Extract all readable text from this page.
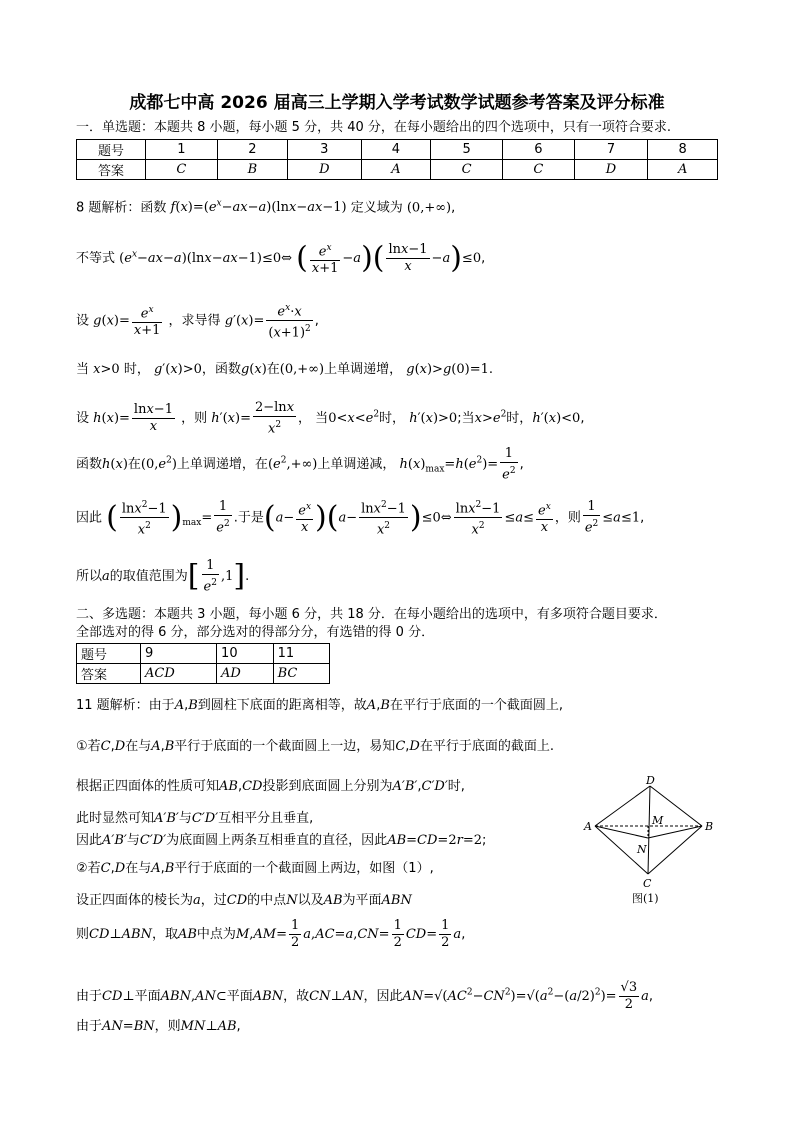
成都七中高 2026 届高三上学期入学考试数学试题参考答案及评分标准
一．单选题：本题共 8 小题，每小题 5 分，共 40 分，在每小题给出的四个选项中，只有一项符合要求.
题号	1	2	3	4	5	6	7	8
答案	C	B	D	A	C	C	D	A
8 题解析：函数 $f(x)=(e^x-ax-a)(\ln x-ax-1)$ 定义域为 (0,+∞),
不等式 $(e^x-ax-a)(\ln x-ax-1)\le 0\Leftrightarrow$ ( $\frac{e^x}{x+1} -a)( \frac{\ln x-1}{x} -a)\le 0$,
设 $g(x)= \frac{e^x}{x+1}$ ，求导得 $g'(x)= \frac{e^x\cdot x}{(x+1)^2}$ ,
当 x>0 时， g′(x)>0，函数g(x)在(0,+∞)上单调递增， g(x)>g(0)=1.
设 $h(x)= \frac{\ln x-1}{x}$ ，则 $h'(x)= \frac{2-\ln x}{x^2}$ ， 当$0<x<e^2$时， h′(x)>0;当$x>e^2$时，h′(x)<0,
函数h(x)在$(0,e^2)$上单调递增，在$(e^2,+\infty)$上单调递减， $h(x)_{max}=h(e^2)= \frac{1}{e^2}$ ,
因此 ( $\frac{\ln x^2-1}{x^2} )_{max}= \frac{1}{e^2}$ .于是$(a- \frac{e^x}{x} )(a- \frac{\ln x^2-1}{x^2}$ )≤0⇔ $\frac{\ln x^2-1}{x^2} \le a\le \frac{e^x}{x}$ ，则 $\frac{1}{e^2} \le a\le 1$,
所以a的取值范围为[ $\frac{1}{e^2} ,1$].
二、多选题：本题共 3 小题，每小题 6 分，共 18 分．在每小题给出的选项中，有多项符合题目要求．
全部选对的得 6 分，部分选对的得部分分，有选错的得 0 分．
题号	9	10	11
答案	ACD	AD	BC
11 题解析：由于A,B到圆柱下底面的距离相等，故A,B在平行于底面的一个截面圆上,
①若C,D在与A,B平行于底面的一个截面圆上一边，易知C,D在平行于底面的截面上.
根据正四面体的性质可知AB,CD投影到底面圆上分别为A′B′,C′D′时,
此时显然可知A′B′与C′D′互相平分且垂直,
因此A′B′与C′D′为底面圆上两条互相垂直的直径，因此AB=CD=2r=2;
②若C,D在与A,B平行于底面的一个截面圆上两边，如图（1）,
设正四面体的棱长为a，过CD的中点N以及AB为平面ABN
则CD⊥ABN，取AB中点为$M,AM= \frac{1}{2} a,AC=a,CN= \frac{1}{2} CD= \frac{1}{2} a$,
由于CD⊥平面ABN,AN⊂平面ABN，故CN⊥AN，因此$AN=√(AC^2-CN^2)=√(a^2-(a/2)^2)= \frac{√3}{2} a$,
由于AN=BN，则MN⊥AB,
D
A	M	B
N
C
图(1)
